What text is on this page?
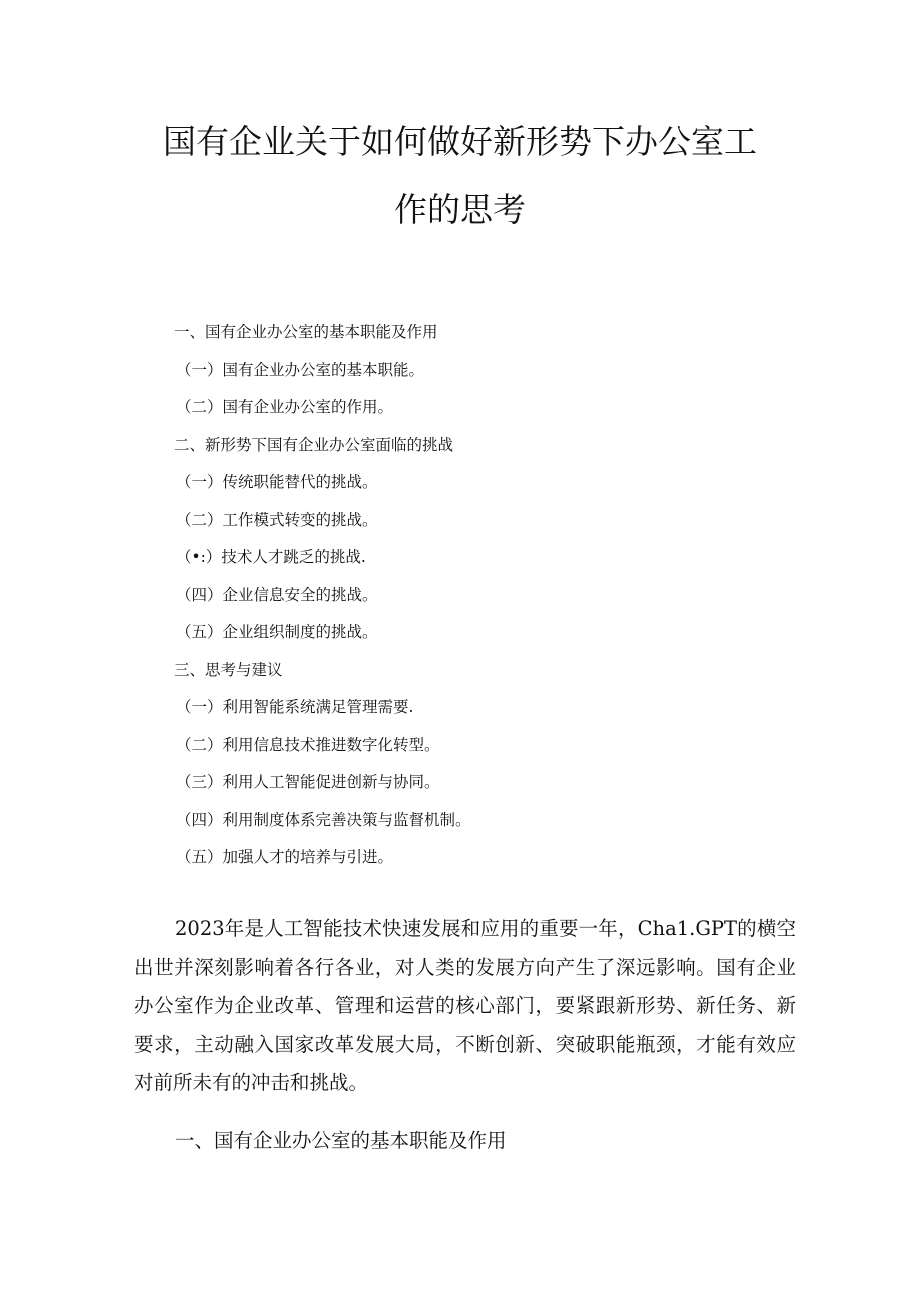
国有企业关于如何做好新形势下办公室工
作的思考
一、国有企业办公室的基本职能及作用
（一）国有企业办公室的基本职能。
（二）国有企业办公室的作用。
二、新形势下国有企业办公室面临的挑战
（一）传统职能替代的挑战。
（二）工作模式转变的挑战。
（•:）技术人才跳乏的挑战.
（四）企业信息安全的挑战。
（五）企业组织制度的挑战。
三、思考与建议
（一）利用智能系统满足管理需要.
（二）利用信息技术推进数字化转型。
（三）利用人工智能促进创新与协同。
（四）利用制度体系完善决策与监督机制。
（五）加强人才的培养与引进。

2023年是人工智能技术快速发展和应用的重要一年，Cha1.GPT的横空出世并深刻影响着各行各业，对人类的发展方向产生了深远影响。国有企业办公室作为企业改革、管理和运营的核心部门，要紧跟新形势、新任务、新要求，主动融入国家改革发展大局，不断创新、突破职能瓶颈，才能有效应对前所未有的冲击和挑战。

一、国有企业办公室的基本职能及作用
